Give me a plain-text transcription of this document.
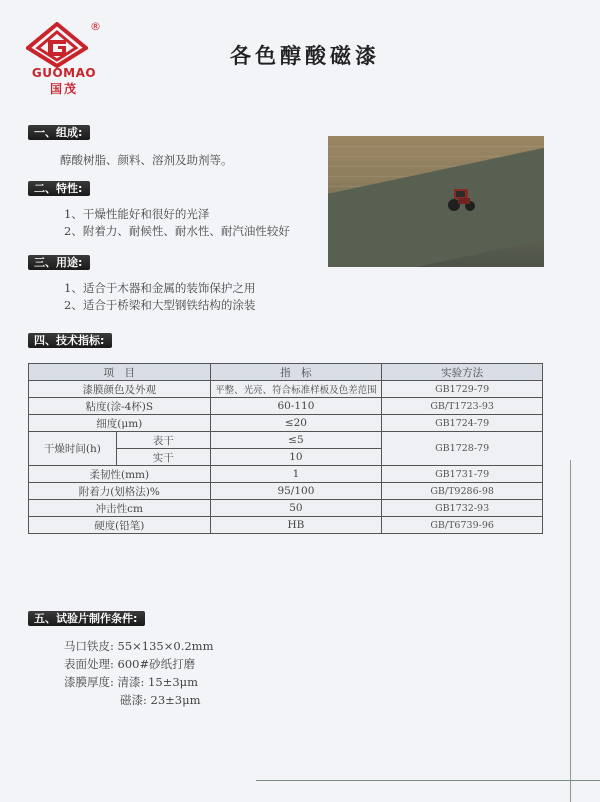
®
GUOMAO
国茂
各色醇酸磁漆
一、组成:
醇酸树脂、颜料、溶剂及助剂等。
二、特性:
1、干燥性能好和很好的光泽
2、附着力、耐候性、耐水性、耐汽油性较好
三、用途:
1、适合于木器和金属的装饰保护之用
2、适合于桥梁和大型钢铁结构的涂装
四、技术指标:
项　目		指　标	实验方法
漆膜颜色及外观		平整、光亮、符合标准样板及色差范围	GB1729-79
粘度(涂-4杯)S		60-110	GB/T1723-93
细度(μm)		≤20	GB1724-79
干燥时间(h)	表干	≤5	GB1728-79
	实干	10	
柔韧性(mm)		1	GB1731-79
附着力(划格法)%		95/100	GB/T9286-98
冲击性cm		50	GB1732-93
硬度(铅笔)		HB	GB/T6739-96
五、试验片制作条件:
马口铁皮: 55×135×0.2mm
表面处理: 600#砂纸打磨
漆膜厚度: 清漆: 15±3μm
磁漆: 23±3μm
